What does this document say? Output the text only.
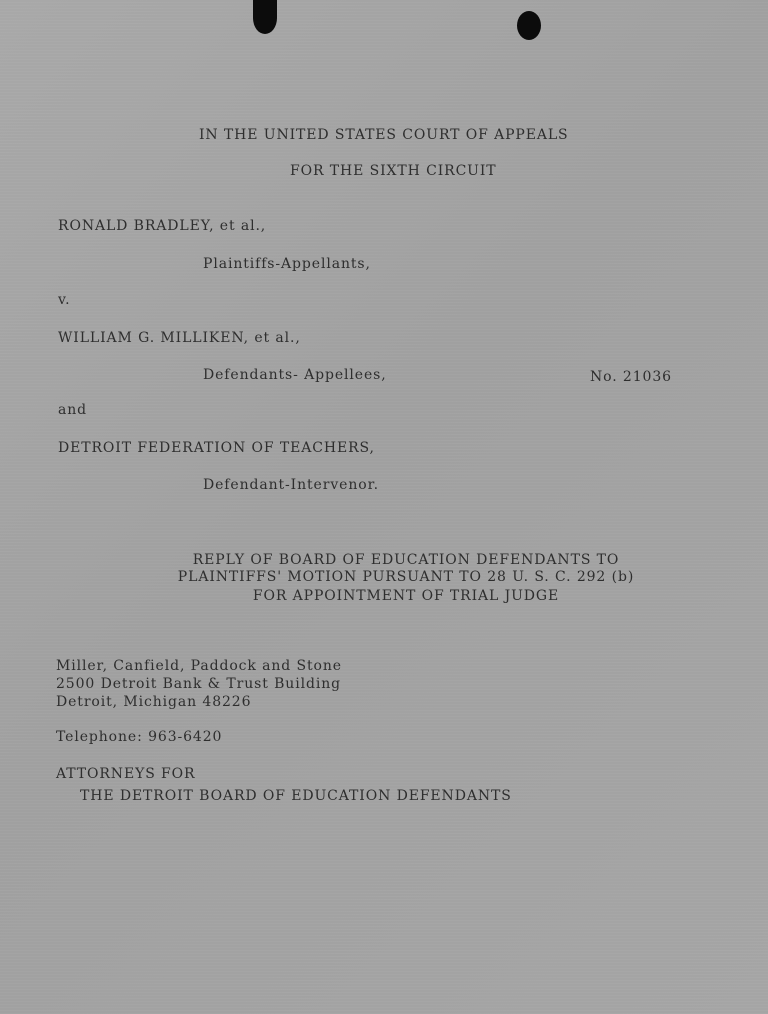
IN THE UNITED STATES COURT OF APPEALS
FOR THE SIXTH CIRCUIT
RONALD BRADLEY, et al.,
Plaintiffs-Appellants,
v.
WILLIAM G. MILLIKEN, et al.,
Defendants- Appellees,	No. 21036
and
DETROIT FEDERATION OF TEACHERS,
Defendant-Intervenor.
REPLY OF BOARD OF EDUCATION DEFENDANTS TO
PLAINTIFFS' MOTION PURSUANT TO 28 U. S. C. 292 (b)
FOR APPOINTMENT OF TRIAL JUDGE
Miller, Canfield, Paddock and Stone
2500 Detroit Bank & Trust Building
Detroit, Michigan 48226
Telephone: 963-6420
ATTORNEYS FOR
THE DETROIT BOARD OF EDUCATION DEFENDANTS
